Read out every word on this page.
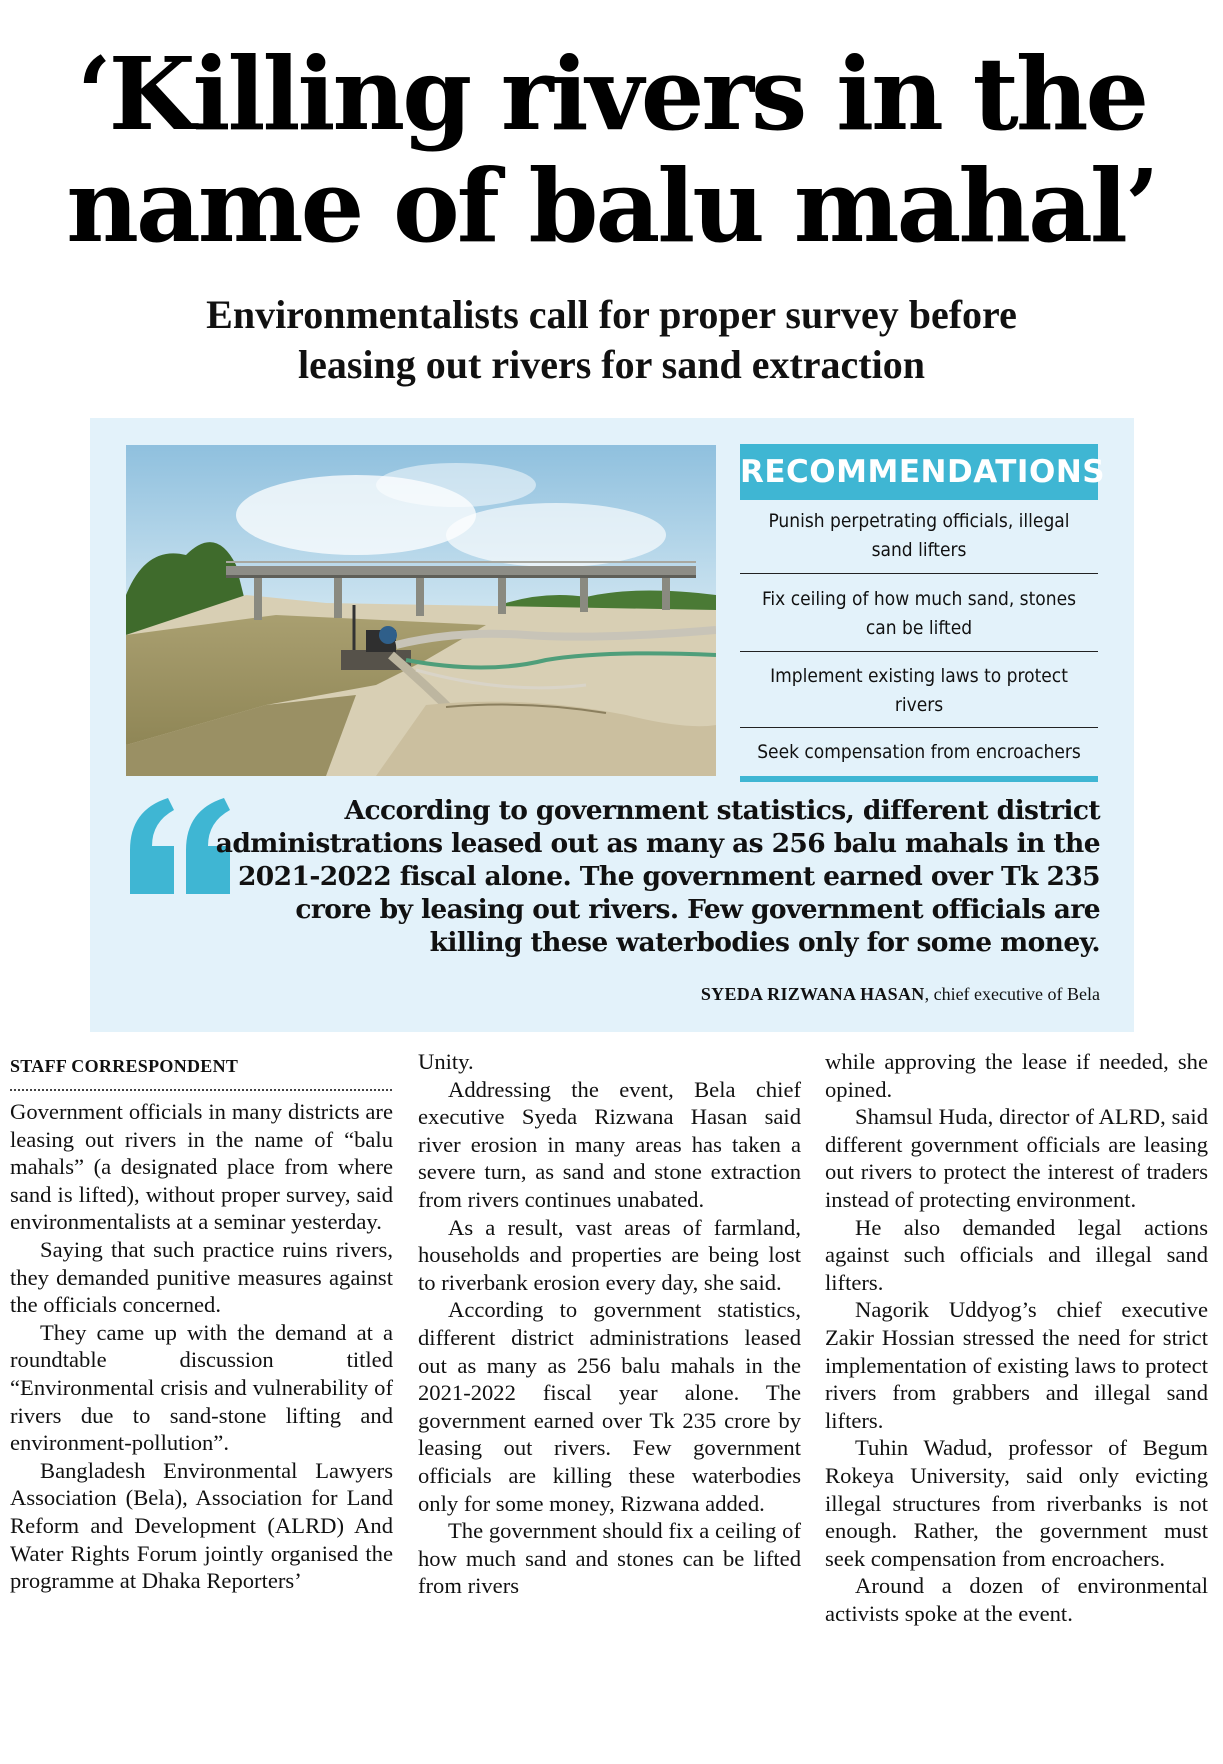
‘Killing rivers in the
name of balu mahal’
Environmentalists call for proper survey before
leasing out rivers for sand extraction
RECOMMENDATIONS
Punish perpetrating officials, illegal sand lifters
Fix ceiling of how much sand, stones can be lifted
Implement existing laws to protect rivers
Seek compensation from encroachers
According to government statistics, different district administrations leased out as many as 256 balu mahals in the 2021-2022 fiscal alone. The government earned over Tk 235 crore by leasing out rivers. Few government officials are killing these waterbodies only for some money.
SYEDA RIZWANA HASAN, chief executive of Bela
STAFF CORRESPONDENT

Government officials in many districts are leasing out rivers in the name of “balu mahals” (a designated place from where sand is lifted), without proper survey, said environmentalists at a seminar yesterday.

Saying that such practice ruins rivers, they demanded punitive measures against the officials concerned.

They came up with the demand at a roundtable discussion titled “Environmental crisis and vulnerability of rivers due to sand-stone lifting and environment-pollution”.

Bangladesh Environmental Lawyers Association (Bela), Association for Land Reform and Development (ALRD) And Water Rights Forum jointly organised the programme at Dhaka Reporters’

Unity.

Addressing the event, Bela chief executive Syeda Rizwana Hasan said river erosion in many areas has taken a severe turn, as sand and stone extraction from rivers continues unabated.

As a result, vast areas of farmland, households and properties are being lost to riverbank erosion every day, she said.

According to government statistics, different district administrations leased out as many as 256 balu mahals in the 2021-2022 fiscal year alone. The government earned over Tk 235 crore by leasing out rivers. Few government officials are killing these waterbodies only for some money, Rizwana added.

The government should fix a ceiling of how much sand and stones can be lifted from rivers

while approving the lease if needed, she opined.

Shamsul Huda, director of ALRD, said different government officials are leasing out rivers to protect the interest of traders instead of protecting environment.

He also demanded legal actions against such officials and illegal sand lifters.

Nagorik Uddyog’s chief executive Zakir Hossian stressed the need for strict implementation of existing laws to protect rivers from grabbers and illegal sand lifters.

Tuhin Wadud, professor of Begum Rokeya University, said only evicting illegal structures from riverbanks is not enough. Rather, the government must seek compensation from encroachers.

Around a dozen of environmental activists spoke at the event.
